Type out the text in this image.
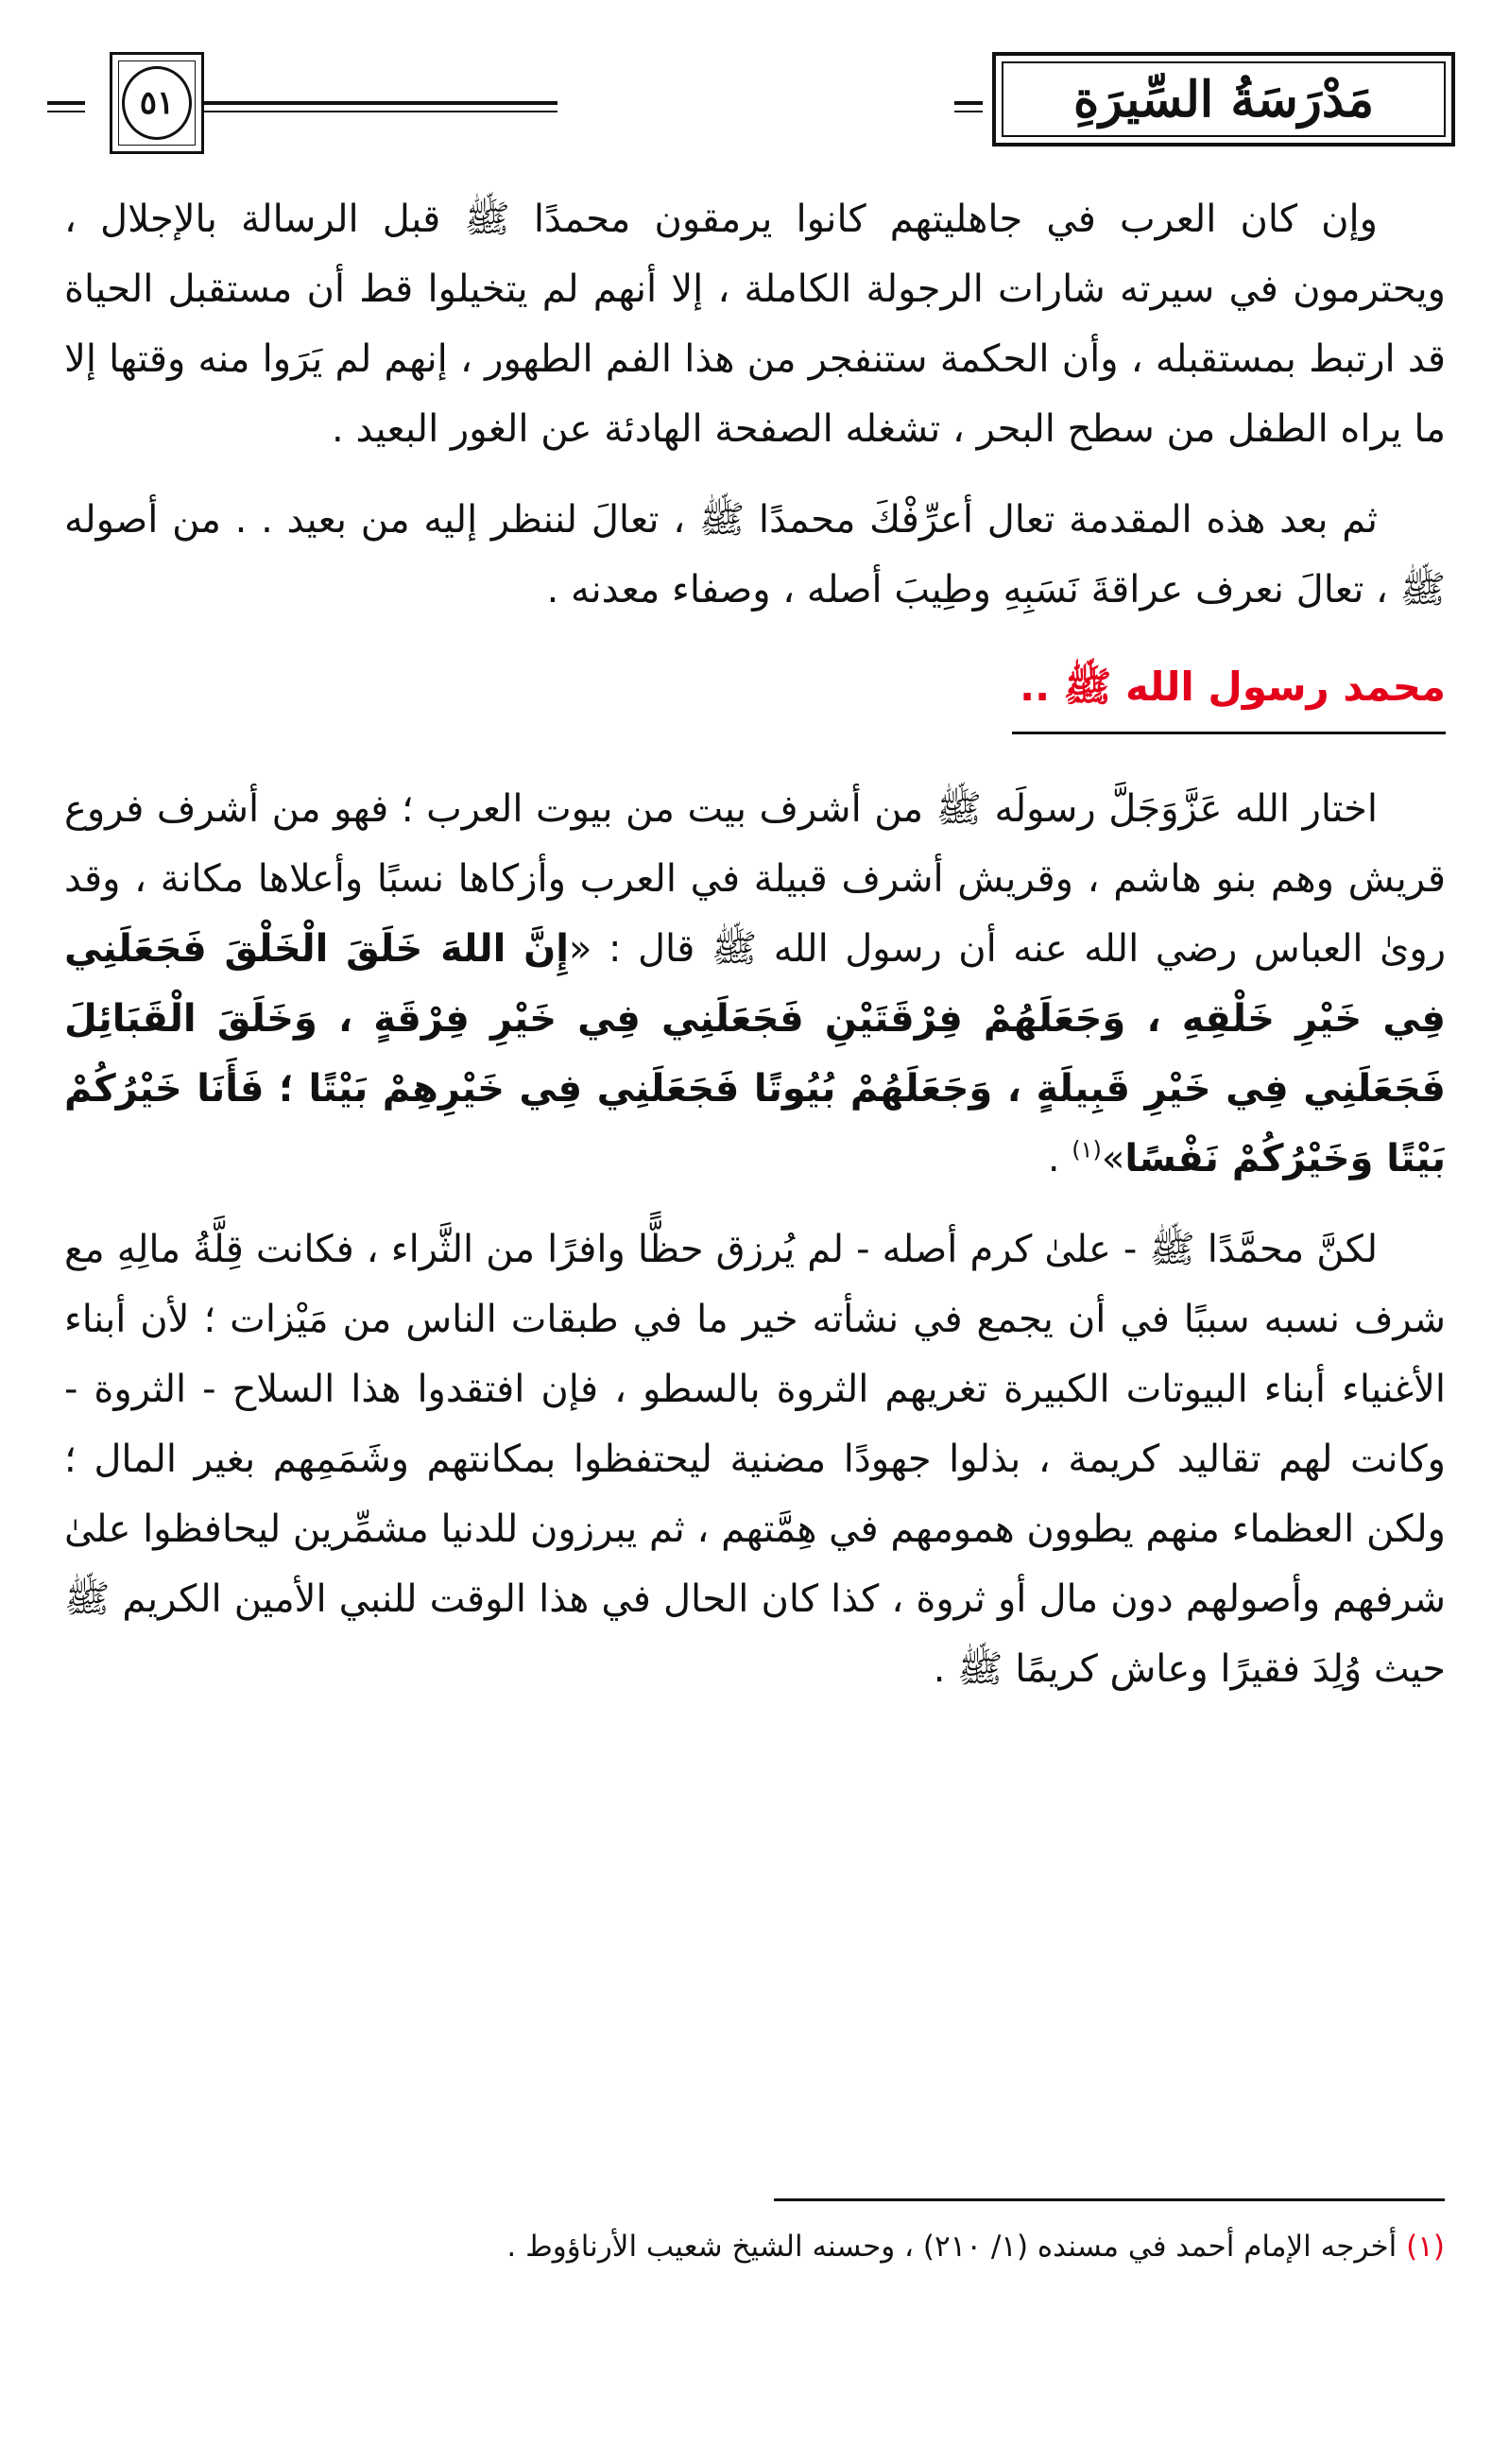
٥١	مَدْرَسَةُ السِّيرَةِ

وإن كان العرب في جاهليتهم كانوا يرمقون محمدًا ﷺ قبل الرسالة بالإجلال ، ويحترمون في سيرته شارات الرجولة الكاملة ، إلا أنهم لم يتخيلوا قط أن مستقبل الحياة قد ارتبط بمستقبله ، وأن الحكمة ستنفجر من هذا الفم الطهور ، إنهم لم يَرَوا منه وقتها إلا ما يراه الطفل من سطح البحر ، تشغله الصفحة الهادئة عن الغور البعيد .

ثم بعد هذه المقدمة تعال أعرِّفْكَ محمدًا ﷺ ، تعالَ لننظر إليه من بعيد . . من أصوله ﷺ ، تعالَ نعرف عراقةَ نَسَبِهِ وطِيبَ أصله ، وصفاء معدنه .

محمد رسول الله ﷺ ..

اختار الله عَزَّوَجَلَّ رسولَه ﷺ من أشرف بيت من بيوت العرب ؛ فهو من أشرف فروع قريش وهم بنو هاشم ، وقريش أشرف قبيلة في العرب وأزكاها نسبًا وأعلاها مكانة ، وقد روىٰ العباس رضي الله عنه أن رسول الله ﷺ قال : «إِنَّ اللهَ خَلَقَ الْخَلْقَ فَجَعَلَنِي فِي خَيْرِ خَلْقِهِ ، وَجَعَلَهُمْ فِرْقَتَيْنِ فَجَعَلَنِي فِي خَيْرِ فِرْقَةٍ ، وَخَلَقَ الْقَبَائِلَ فَجَعَلَنِي فِي خَيْرِ قَبِيلَةٍ ، وَجَعَلَهُمْ بُيُوتًا فَجَعَلَنِي فِي خَيْرِهِمْ بَيْتًا ؛ فَأَنَا خَيْرُكُمْ بَيْتًا وَخَيْرُكُمْ نَفْسًا»$^{(١)}$ .

لكنَّ محمَّدًا ﷺ - علىٰ كرم أصله - لم يُرزق حظًّا وافرًا من الثَّراء ، فكانت قِلَّةُ مالِهِ مع شرف نسبه سببًا في أن يجمع في نشأته خير ما في طبقات الناس من مَيْزات ؛ لأن أبناء الأغنياء أبناء البيوتات الكبيرة تغريهم الثروة بالسطو ، فإن افتقدوا هذا السلاح - الثروة - وكانت لهم تقاليد كريمة ، بذلوا جهودًا مضنية ليحتفظوا بمكانتهم وشَمَمِهم بغير المال ؛ ولكن العظماء منهم يطوون همومهم في هِمَّتهم ، ثم يبرزون للدنيا مشمِّرين ليحافظوا علىٰ شرفهم وأصولهم دون مال أو ثروة ، كذا كان الحال في هذا الوقت للنبي الأمين الكريم ﷺ حيث وُلِدَ فقيرًا وعاش كريمًا ﷺ .

(١) أخرجه الإمام أحمد في مسنده (١/ ٢١٠) ، وحسنه الشيخ شعيب الأرناؤوط .
